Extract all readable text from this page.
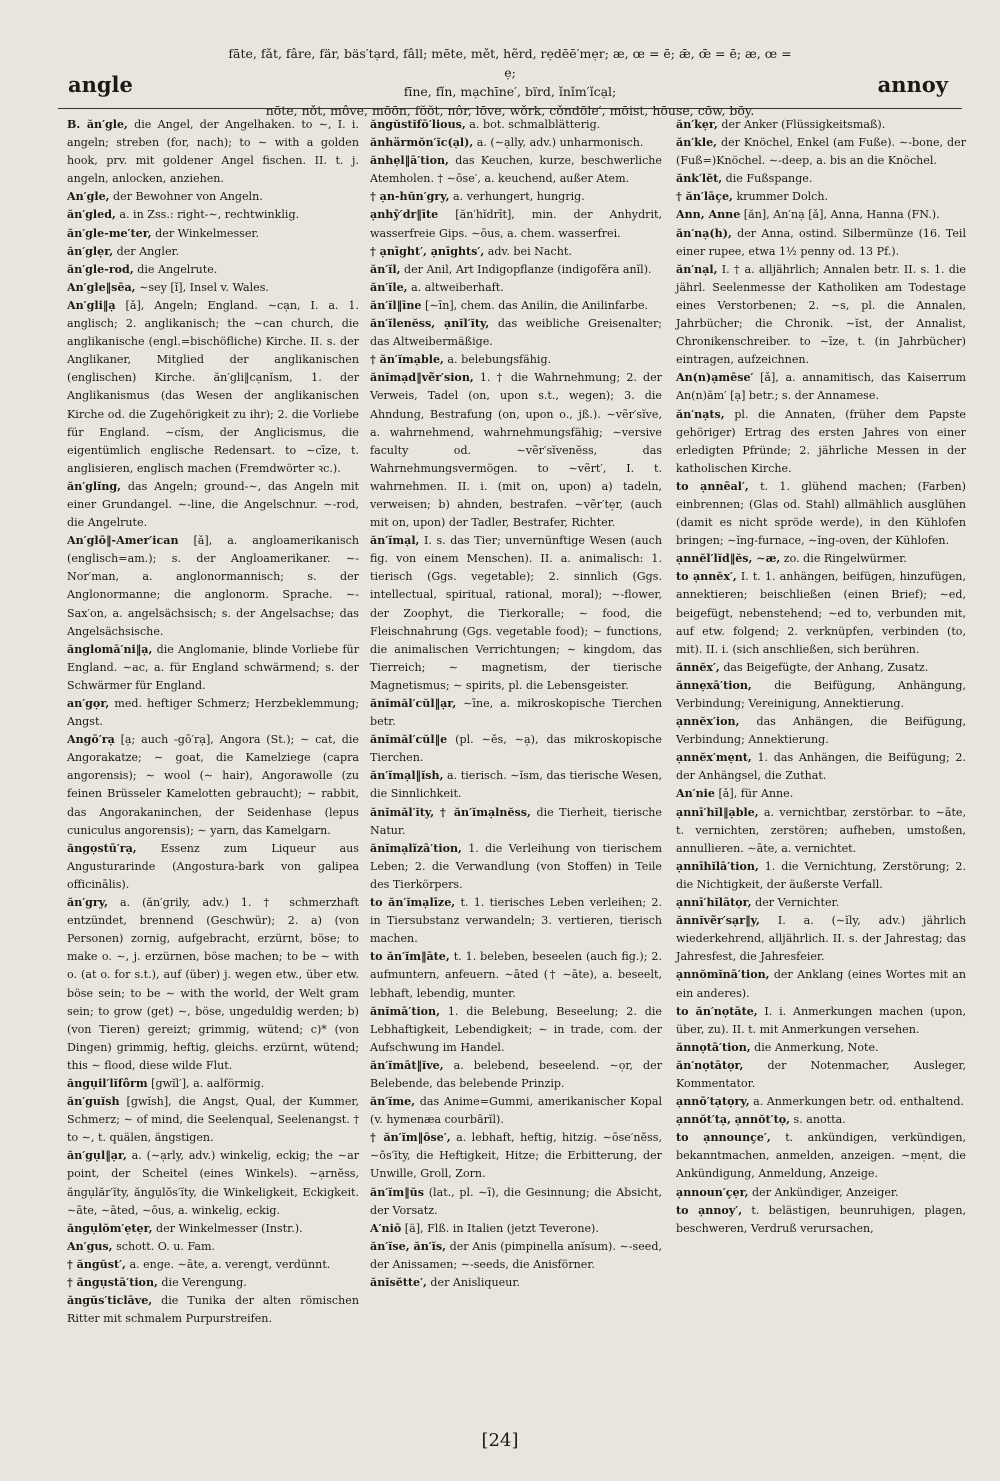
angle
fāte, fǎt, fâre, fär, bäs′tạrd, fâll; mēte, mět, hẽrd, rẹdēē′mẹr; æ, œ = ē; ǣ, œ̄ = ē; æ, œ = ẹ;
fīne, fǐn, mạchīne′, bïrd, ǐnǐm′ǐcạl;
nōte, nǒt, môve, mōōn, fŏŏt, nôr, lōve, wǒrk, cǒndōle′, mōist, hōuse, cōw, bōy.
annoy

B. ăn′gle, die Angel, der Angelhaken. to ∼, I. i. angeln; streben (for, nach); to ∼ with a golden hook, prv. mit goldener Angel fischen. II. t. j. angeln, anlocken, anziehen.

An′gle, der Bewohner von Angeln.

ăn′gled, a. in Zss.: right-∼, rechtwinklig.

ăn′gle-me′ter, der Winkelmesser.

ăn′glẹr, der Angler.

ăn′gle-rod, die Angelrute.

An′gle‖sēa, ∼sey [ǐ], Insel v. Wales.

An′gli‖ạ [ǎ], Angeln; England. ∼cạn, I. a. 1. anglisch; 2. anglikanisch; the ∼can church, die anglikanische (engl.=bischöfliche) Kirche. II. s. der Anglikaner, Mitglied der anglikanischen (englischen) Kirche. ăn′gli‖cạnĭsm, 1. der Anglikanismus (das Wesen der anglikanischen Kirche od. die Zugehörigkeit zu ihr); 2. die Vorliebe für England. ∼cĭsm, der Anglicismus, die eigentümlich englische Redensart. to ∼cīze, t. anglisieren, englisch machen (Fremdwörter ꝛc.).

ăn′glĭng, das Angeln; ground-∼, das Angeln mit einer Grundangel. ∼-line, die Angelschnur. ∼-rod, die Angelrute.

An′glō‖-Amer′ican [ǎ], a. angloamerikanisch (englisch=am.); s. der Angloamerikaner. ∼-Nor′man, a. anglonormannisch; s. der Anglonormanne; die anglonorm. Sprache. ∼-Sax′on, a. angelsächsisch; s. der Angelsachse; das Angelsächsische.

ănglomā′ni‖ạ, die Anglomanie, blinde Vorliebe für England. ∼ac, a. für England schwärmend; s. der Schwärmer für England.

an′gọr, med. heftiger Schmerz; Herzbeklemmung; Angst.

Angō′rạ [ạ; auch -gō′rạ], Angora (St.); ∼ cat, die Angorakatze; ∼ goat, die Kamelziege (capra angorensis); ∼ wool (∼ hair), Angorawolle (zu feinen Brüsseler Kamelotten gebraucht); ∼ rabbit, das Angorakaninchen, der Seidenhase (lepus cuniculus angorensis); ∼ yarn, das Kamelgarn.

ăngọstū′rạ, Essenz zum Liqueur aus Angusturarinde (Angostura-bark von galipea officinālis).

ăn′gry, a. (ăn′grily, adv.) 1. † schmerzhaft entzündet, brennend (Geschwür); 2. a) (von Personen) zornig, aufgebracht, erzürnt, böse; to make o. ∼, j. erzürnen, böse machen; to be ∼ with o. (at o. for s.t.), auf (über) j. wegen etw., über etw. böse sein; to be ∼ with the world, der Welt gram sein; to grow (get) ∼, böse, ungeduldig werden; b) (von Tieren) gereizt; grimmig, wütend; c)* (von Dingen) grimmig, heftig, gleichs. erzürnt, wütend; this ∼ flood, diese wilde Flut.

ăngụil′lĭfôrm [gwĭl′], a. aalförmig.

ăn′guĭsh [gwĭsh], die Angst, Qual, der Kummer, Schmerz; ∼ of mind, die Seelenqual, Seelenangst. † to ∼, t. quälen, ängstigen.

ăn′gụl‖ạr, a. (∼ạrly, adv.) winkelig, eckig; the ∼ar point, der Scheitel (eines Winkels). ∼ạrnĕss, ăngụlăr′ĭty, ăngụlŏs′ĭty, die Winkeligkeit, Eckigkeit. ∼āte, ∼āted, ∼ōus, a. winkelig, eckig.

ăngụlŏm′ẹtẹr, der Winkelmesser (Instr.).

An′gus, schott. O. u. Fam.

† ăngŭst′, a. enge. ∼āte, a. verengt, verdünnt.

† ăngụstā′tion, die Verengung.

ăngŭs′ticlāve, die Tunika der alten römischen Ritter mit schmalem Purpurstreifen.

ăngŭstĭfō′lious, a. bot. schmalblätterig.

ănhärmŏn′ĭc(ạl), a. (∼ạlly, adv.) unharmonisch.

ănhẹl‖ā′tion, das Keuchen, kurze, beschwerliche Atemholen. † ∼ōse′, a. keuchend, außer Atem.

† ạn-hŭn′gry, a. verhungert, hungrig.

ạnhȳ′dr‖īte [ăn′hĭdrīt], min. der Anhydrit, wasserfreie Gips. ∼ōus, a. chem. wasserfrei.

† ạnīght′, ạnīghts′, adv. bei Nacht.

ăn′ĭl, der Anil, Art Indigopflanze (indigofĕra anĭl).

ăn′ĭle, a. altweiberhaft.

ăn′ĭl‖īne [∼īn], chem. das Anilin, die Anilinfarbe.

ăn′ĭlenĕss, ạnĭl′ĭty, das weibliche Greisenalter; das Altweibermäßige.

† ăn′ĭmạble, a. belebungsfähig.

ănĭmạd‖vẽr′sion, 1. † die Wahrnehmung; 2. der Verweis, Tadel (on, upon s.t., wegen); 3. die Ahndung, Bestrafung (on, upon o., jß.). ∼vẽr′sĭve, a. wahrnehmend, wahrnehmungsfähig; ∼versive faculty od. ∼vẽr′sĭvenĕss, das Wahrnehmungsvermögen. to ∼vẽrt′, I. t. wahrnehmen. II. i. (mit on, upon) a) tadeln, verweisen; b) ahnden, bestrafen. ∼vẽr′tẹr, (auch mit on, upon) der Tadler, Bestrafer, Richter.

ăn′ĭmạl, I. s. das Tier; unvernünftige Wesen (auch fig. von einem Menschen). II. a. animalisch: 1. tierisch (Ggs. vegetable); 2. sinnlich (Ggs. intellectual, spiritual, rational, moral); ∼-flower, der Zoophyt, die Tierkoralle; ∼ food, die Fleischnahrung (Ggs. vegetable food); ∼ functions, die animalischen Verrichtungen; ∼ kingdom, das Tierreich; ∼ magnetism, der tierische Magnetismus; ∼ spirits, pl. die Lebensgeister.

ănĭmăl′cŭl‖ạr, ∼īne, a. mikroskopische Tierchen betr.

ănĭmăl′cŭl‖e (pl. ∼ĕs, ∼ạ), das mikroskopische Tierchen.

ăn′ĭmạl‖ĭsh, a. tierisch. ∼ĭsm, das tierische Wesen, die Sinnlichkeit.

ănĭmăl′ĭty, † ăn′ĭmạlnĕss, die Tierheit, tierische Natur.

ănĭmạlĭzā′tion, 1. die Verleihung von tierischem Leben; 2. die Verwandlung (von Stoffen) in Teile des Tierkörpers.

to ăn′ĭmạlīze, t. 1. tierisches Leben verleihen; 2. in Tiersubstanz verwandeln; 3. vertieren, tierisch machen.

to ăn′ĭm‖āte, t. 1. beleben, beseelen (auch fig.); 2. aufmuntern, anfeuern. ∼āted († ∼āte), a. beseelt, lebhaft, lebendig, munter.

ănĭmā′tion, 1. die Belebung, Beseelung; 2. die Lebhaftigkeit, Lebendigkeit; ∼ in trade, com. der Aufschwung im Handel.

ăn′ĭmāt‖ĭve, a. belebend, beseelend. ∼ọr, der Belebende, das belebende Prinzip.

ăn′ĭme, das Anime=Gummi, amerikanischer Kopal (v. hymenæa courbārĭl).

† ăn′ĭm‖ōse′, a. lebhaft, heftig, hitzig. ∼ōse′nĕss, ∼ŏs′ĭty, die Heftigkeit, Hitze; die Erbitterung, der Unwille, Groll, Zorn.

ăn′ĭm‖ŭs (lat., pl. ∼ī), die Gesinnung; die Absicht, der Vorsatz.

A′niō [ä], Flß. in Italien (jetzt Teverone).

ăn′ĭse, ăn′ĭs, der Anis (pimpinella anĭsum). ∼-seed, der Anissamen; ∼-seeds, die Anisförner.

ănĭsĕtte′, der Anisliqueur.

ăn′kẹr, der Anker (Flüssigkeitsmaß).

ăn′kle, der Knöchel, Enkel (am Fuße). ∼-bone, der (Fuß=)Knöchel. ∼-deep, a. bis an die Knöchel.

ănk′lĕt, die Fußspange.

† ăn′lāçe, krummer Dolch.

Ann, Anne [ăn], An′nạ [ǎ], Anna, Hanna (FN.).

ăn′nạ(h), der Anna, ostind. Silbermünze (16. Teil einer rupee, etwa 1½ penny od. 13 Pf.).

ăn′nạl, I. † a. alljährlich; Annalen betr. II. s. 1. die jährl. Seelenmesse der Katholiken am Todestage eines Verstorbenen; 2. ∼s, pl. die Annalen, Jahrbücher; die Chronik. ∼ĭst, der Annalist, Chronikenschreiber. to ∼īze, t. (in Jahrbücher) eintragen, aufzeichnen.

An(n)ạmēse′ [ǎ], a. annamitisch, das Kaiserrum An(n)ăm′ [ạ] betr.; s. der Annamese.

ăn′nạts, pl. die Annaten, (früher dem Papste gehöriger) Ertrag des ersten Jahres von einer erledigten Pfründe; 2. jährliche Messen in der katholischen Kirche.

to ạnnēal′, t. 1. glühend machen; (Farben) einbrennen; (Glas od. Stahl) allmählich ausglühen (damit es nicht spröde werde), in den Kühlofen bringen; ∼ĭng-furnace, ∼ĭng-oven, der Kühlofen.

ạnnĕl′lĭd‖ĕs, ∼æ, zo. die Ringelwürmer.

to ạnnĕx′, I. t. 1. anhängen, beifügen, hinzufügen, annektieren; beischließen (einen Brief); ∼ed, beigefügt, nebenstehend; ∼ed to, verbunden mit, auf etw. folgend; 2. verknüpfen, verbinden (to, mit). II. i. (sich anschließen, sich berühren.

ănnĕx′, das Beigefügte, der Anhang, Zusatz.

ănnẹxā′tion, die Beifügung, Anhängung, Verbindung; Vereinigung, Annektierung.

ạnnĕx′ion, das Anhängen, die Beifügung, Verbindung; Annektierung.

ạnnĕx′mẹnt, 1. das Anhängen, die Beifügung; 2. der Anhängsel, die Zuthat.

An′nie [ǎ], für Anne.

ạnnī′hĭl‖ạble, a. vernichtbar, zerstörbar. to ∼āte, t. vernichten, zerstören; aufheben, umstoßen, annullieren. ∼āte, a. vernichtet.

ạnnīhĭlā′tion, 1. die Vernichtung, Zerstörung; 2. die Nichtigkeit, der äußerste Verfall.

ạnnī′hĭlātọr, der Vernichter.

ănnĭvẽr′sạr‖y, I. a. (∼ĭly, adv.) jährlich wiederkehrend, alljährlich. II. s. der Jahrestag; das Jahresfest, die Jahresfeier.

ạnnŏmĭnā′tion, der Anklang (eines Wortes mit an ein anderes).

to ăn′nọtāte, I. i. Anmerkungen machen (upon, über, zu). II. t. mit Anmerkungen versehen.

ănnọtā′tion, die Anmerkung, Note.

ăn′nọtātọr, der Notenmacher, Ausleger, Kommentator.

ạnnō′tạtọry, a. Anmerkungen betr. od. enthaltend.

ạnnŏt′tạ, ạnnŏt′tọ, s. anotta.

to ạnnounçe′, t. ankündigen, verkündigen, bekanntmachen, anmelden, anzeigen. ∼mẹnt, die Ankündigung, Anmeldung, Anzeige.

ạnnoun′çẹr, der Ankündiger, Anzeiger.

to ạnnoy′, t. belästigen, beunruhigen, plagen, beschweren, Verdruß verursachen,

[24]
